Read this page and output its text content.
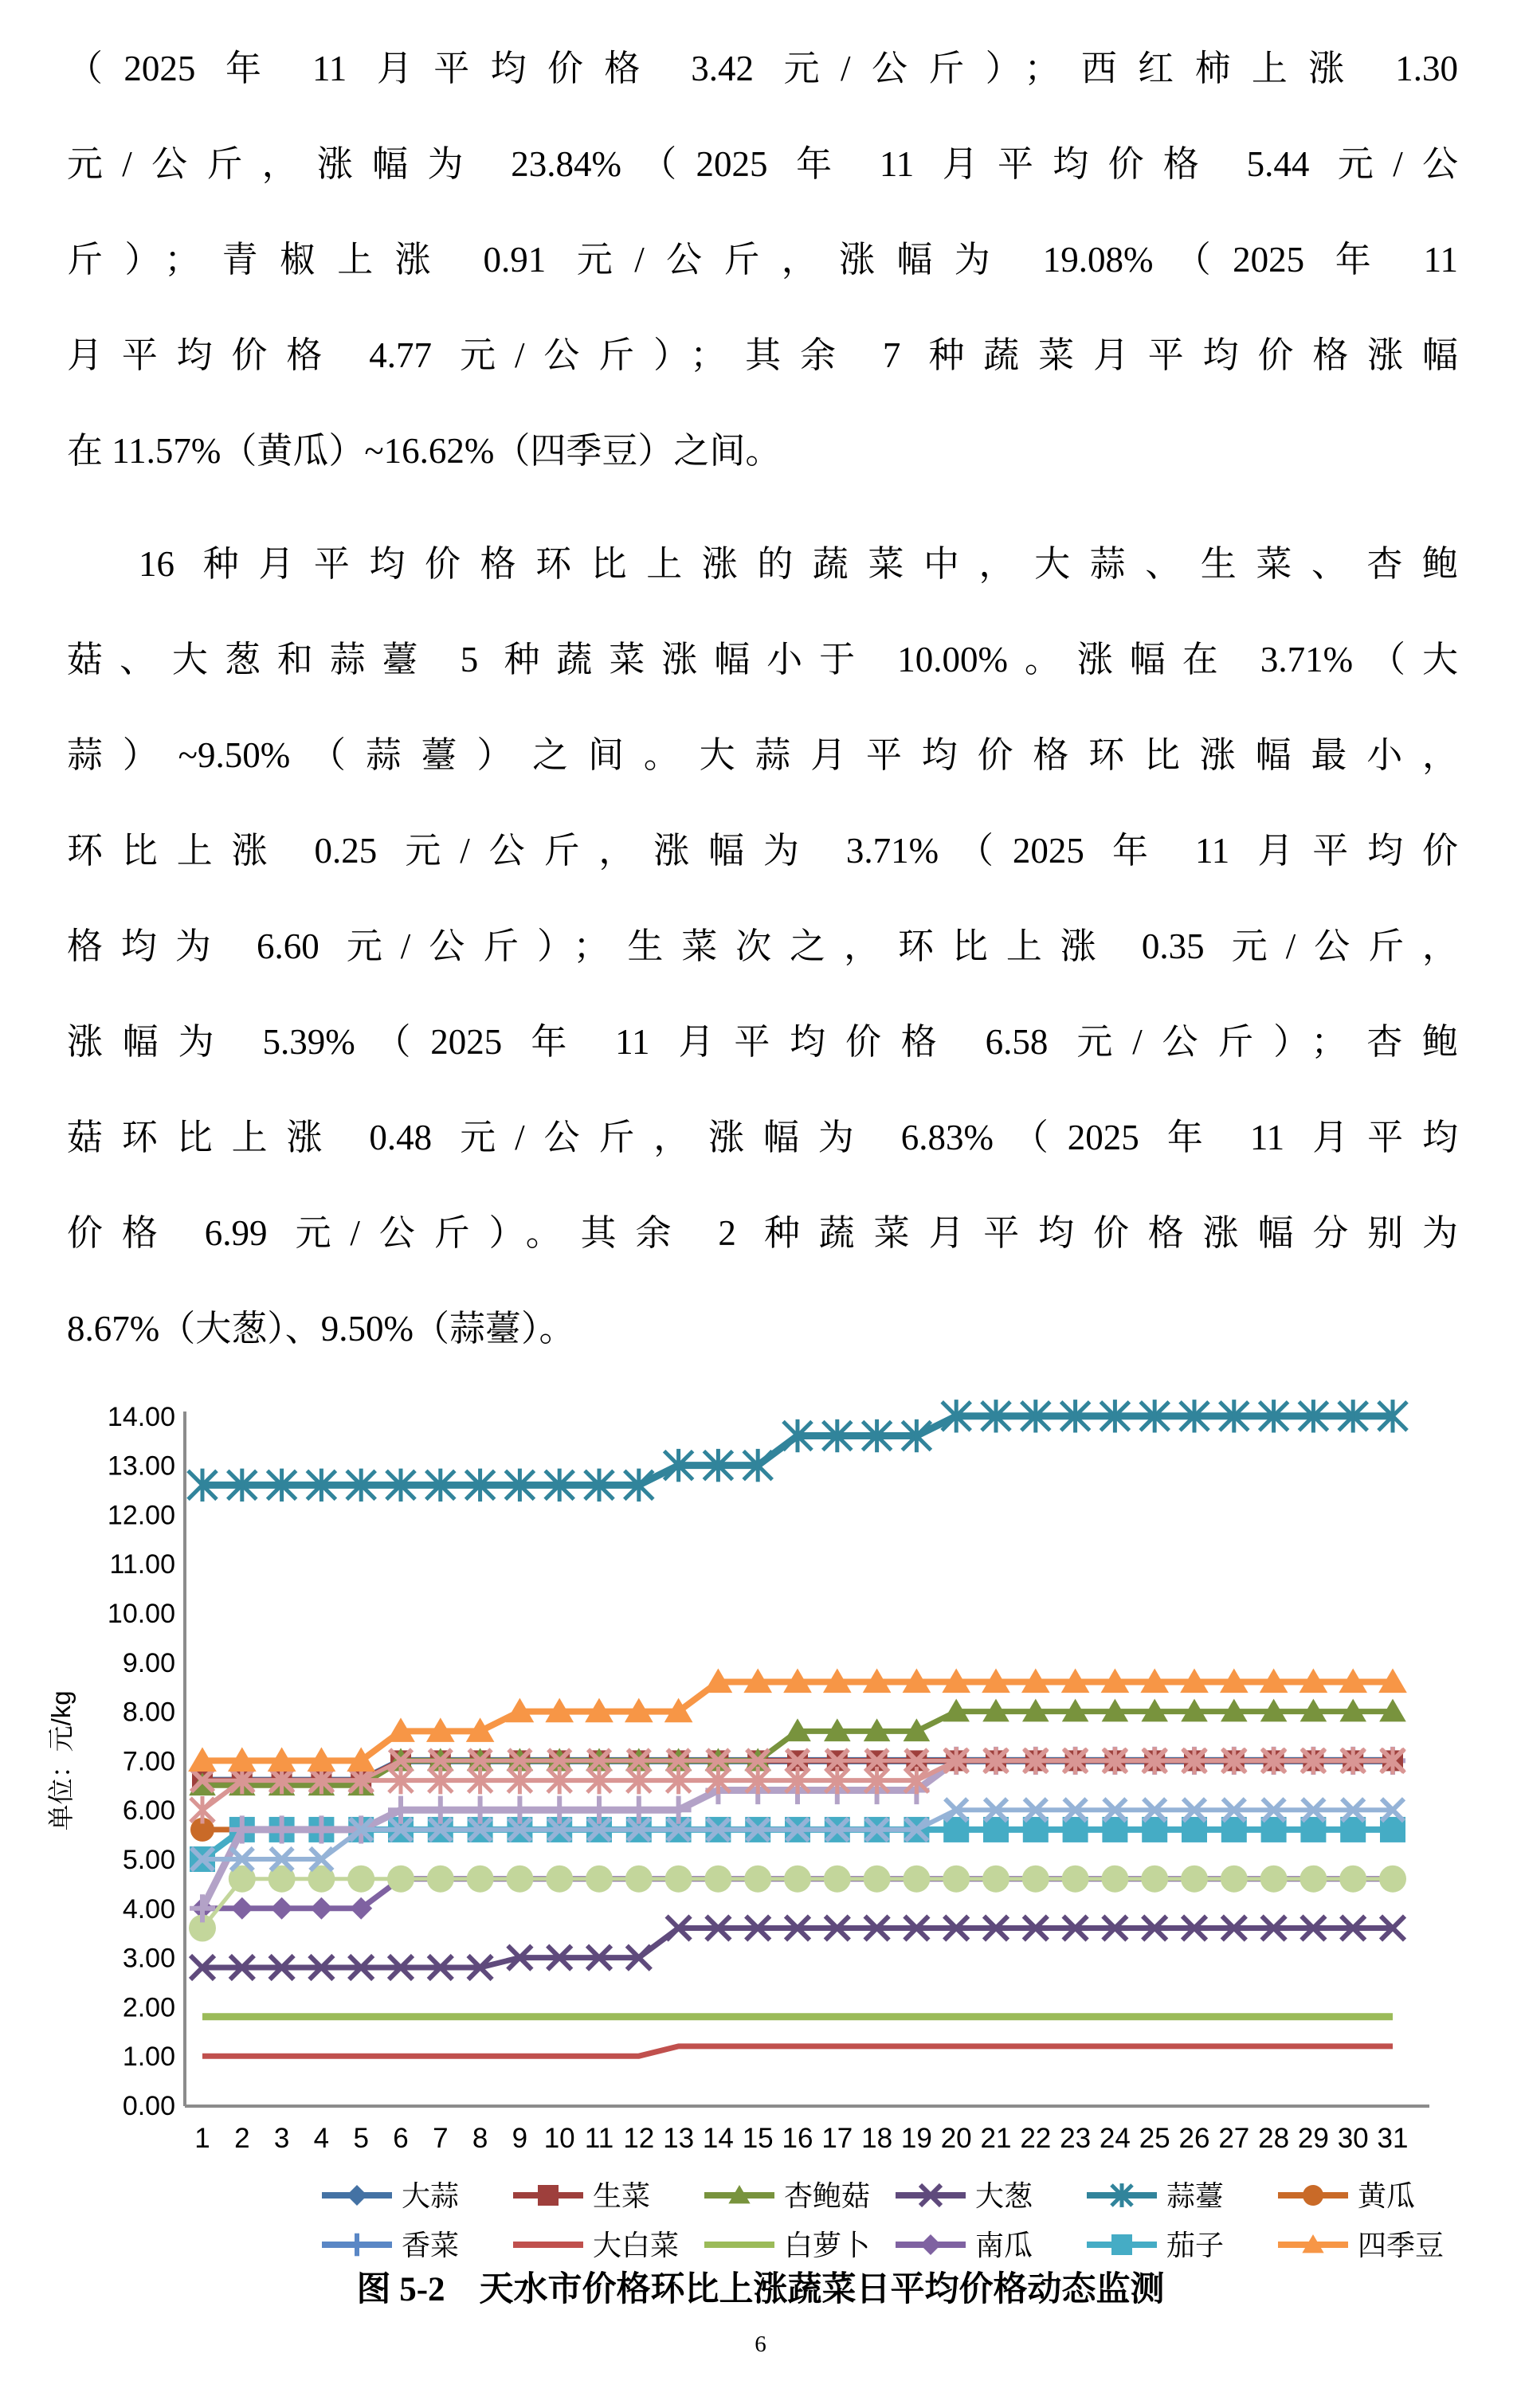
（2025 年 11 月平均价格 3.42 元/公斤）；西红柿上涨 1.30
元/公斤，涨幅为 23.84%（2025 年 11 月平均价格 5.44 元/公
斤）；青椒上涨 0.91 元/公斤，涨幅为 19.08%（2025 年 11
月平均价格 4.77 元/公斤）；其余 7 种蔬菜月平均价格涨幅
在 11.57%（黄瓜）~16.62%（四季豆）之间。
16 种月平均价格环比上涨的蔬菜中，大蒜、生菜、杏鲍
菇、大葱和蒜薹 5 种蔬菜涨幅小于 10.00%。涨幅在 3.71%（大
蒜）~9.50%（蒜薹）之间。大蒜月平均价格环比涨幅最小，
环比上涨 0.25 元/公斤，涨幅为 3.71%（2025 年 11 月平均价
格均为 6.60 元/公斤）；生菜次之，环比上涨 0.35 元/公斤，
涨幅为 5.39%（2025 年 11 月平均价格 6.58 元/公斤）；杏鲍
菇环比上涨 0.48 元/公斤，涨幅为 6.83%（2025 年 11 月平均
价格 6.99 元/公斤）。其余 2 种蔬菜月平均价格涨幅分别为
8.67%（大葱）、9.50%（蒜薹）。
0.00
1.00
2.00
3.00
4.00
5.00
6.00
7.00
8.00
9.00
10.00
11.00
12.00
13.00
14.00
单位：元/kg
1 2 3 4 5 6 7 8 9 10 11 12 13 14 15 16 17 18 19 20 21 22 23 24 25 26 27 28 29 30 31
大蒜	生菜	杏鲍菇	大葱	蒜薹	黄瓜
香菜	大白菜	白萝卜	南瓜	茄子	四季豆
图 5-2　天水市价格环比上涨蔬菜日平均价格动态监测
6
